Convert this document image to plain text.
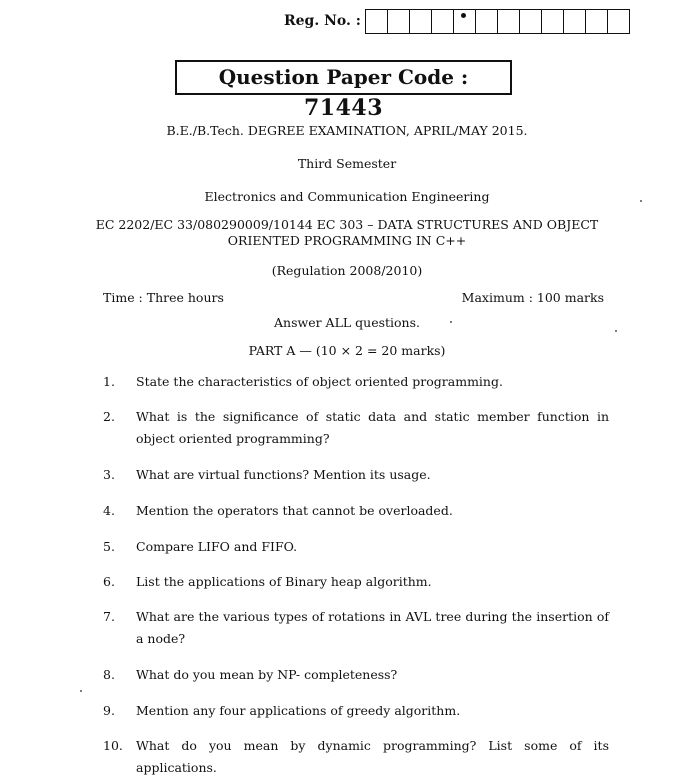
Reg. No. :
Question Paper Code : 71443
B.E./B.Tech. DEGREE EXAMINATION, APRIL/MAY 2015.
Third Semester
Electronics and Communication Engineering
EC 2202/EC 33/080290009/10144 EC 303 – DATA STRUCTURES AND OBJECT
ORIENTED PROGRAMMING IN C++
(Regulation 2008/2010)
Time : Three hours	Maximum : 100 marks
Answer ALL questions.
PART A — (10 × 2 = 20 marks)
1. State the characteristics of object oriented programming.
2. What is the significance of static data and static member function in object oriented programming?
3. What are virtual functions? Mention its usage.
4. Mention the operators that cannot be overloaded.
5. Compare LIFO and FIFO.
6. List the applications of Binary heap algorithm.
7. What are the various types of rotations in AVL tree during the insertion of a node?
8. What do you mean by NP- completeness?
9. Mention any four applications of greedy algorithm.
10. What do you mean by dynamic programming? List some of its applications.
